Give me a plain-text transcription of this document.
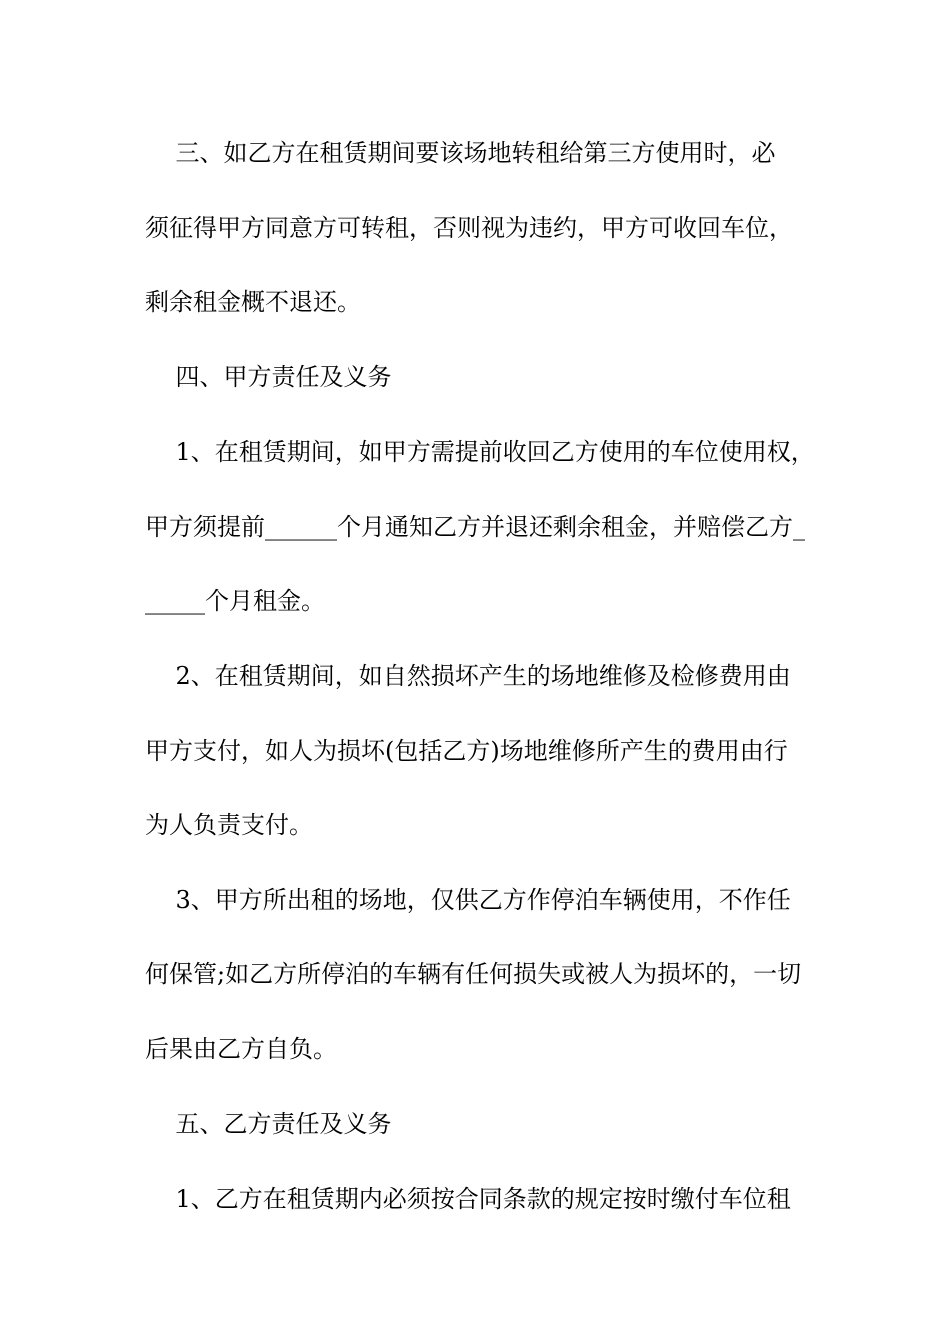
三、如乙方在租赁期间要该场地转租给第三方使用时，必

须征得甲方同意方可转租，否则视为违约，甲方可收回车位，

剩余租金概不退还。

四、甲方责任及义务

1、在租赁期间，如甲方需提前收回乙方使用的车位使用权，

甲方须提前______个月通知乙方并退还剩余租金，并赔偿乙方_

_____个月租金。

2、在租赁期间，如自然损坏产生的场地维修及检修费用由

甲方支付，如人为损坏(包括乙方)场地维修所产生的费用由行

为人负责支付。

3、甲方所出租的场地，仅供乙方作停泊车辆使用，不作任

何保管;如乙方所停泊的车辆有任何损失或被人为损坏的，一切

后果由乙方自负。

五、乙方责任及义务

1、乙方在租赁期内必须按合同条款的规定按时缴付车位租
